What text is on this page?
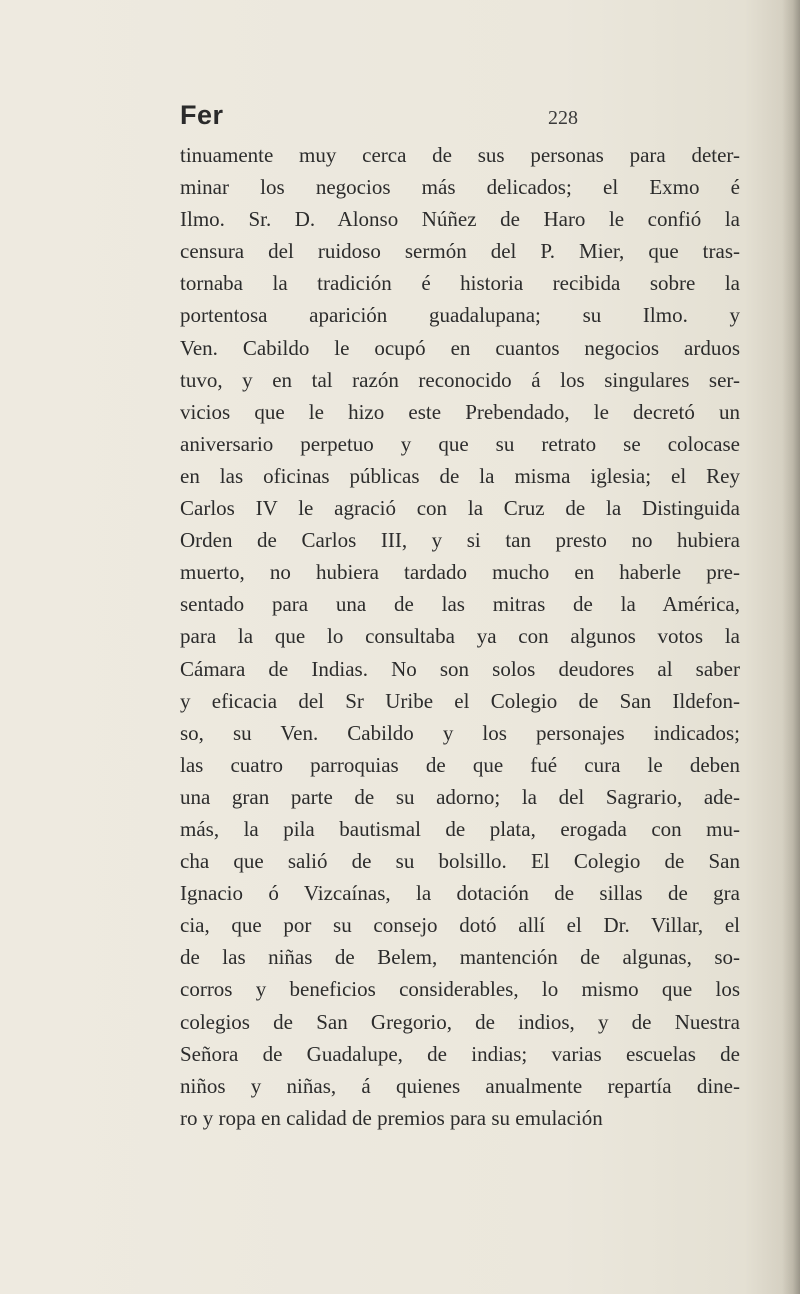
Fer	228
tinuamente muy cerca de sus personas para deter-
minar los negocios más delicados; el Exmo é
Ilmo. Sr. D. Alonso Núñez de Haro le confió la
censura del ruidoso sermón del P. Mier, que tras-
tornaba la tradición é historia recibida sobre la
portentosa aparición guadalupana; su Ilmo. y
Ven. Cabildo le ocupó en cuantos negocios arduos
tuvo, y en tal razón reconocido á los singulares ser-
vicios que le hizo este Prebendado, le decretó un
aniversario perpetuo y que su retrato se colocase
en las oficinas públicas de la misma iglesia; el Rey
Carlos IV le agració con la Cruz de la Distinguida
Orden de Carlos III, y si tan presto no hubiera
muerto, no hubiera tardado mucho en haberle pre-
sentado para una de las mitras de la América,
para la que lo consultaba ya con algunos votos la
Cámara de Indias. No son solos deudores al saber
y eficacia del Sr Uribe el Colegio de San Ildefon-
so, su Ven. Cabildo y los personajes indicados;
las cuatro parroquias de que fué cura le deben
una gran parte de su adorno; la del Sagrario, ade-
más, la pila bautismal de plata, erogada con mu-
cha que salió de su bolsillo. El Colegio de San
Ignacio ó Vizcaínas, la dotación de sillas de gra
cia, que por su consejo dotó allí el Dr. Villar, el
de las niñas de Belem, mantención de algunas, so-
corros y beneficios considerables, lo mismo que los
colegios de San Gregorio, de indios, y de Nuestra
Señora de Guadalupe, de indias; varias escuelas de
niños y niñas, á quienes anualmente repartía dine-
ro y ropa en calidad de premios para su emulación
